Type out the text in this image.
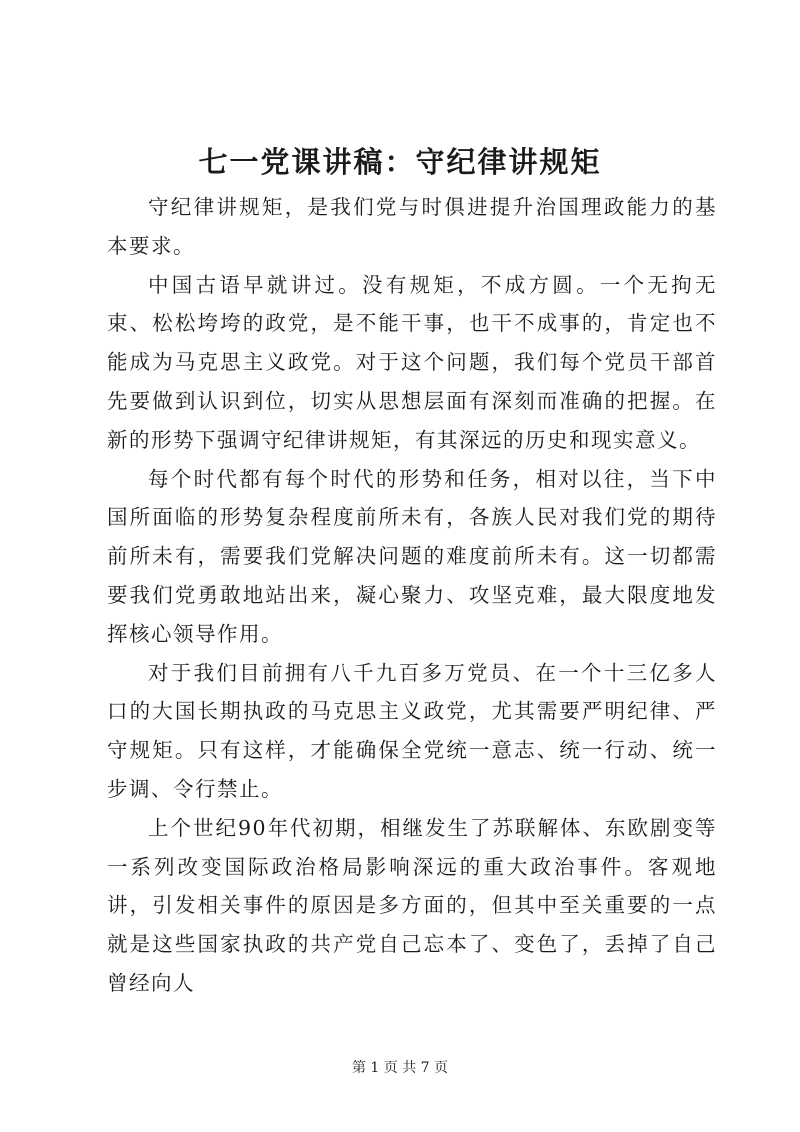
七一党课讲稿：守纪律讲规矩

守纪律讲规矩，是我们党与时俱进提升治国理政能力的基本要求。

中国古语早就讲过。没有规矩，不成方圆。一个无拘无束、松松垮垮的政党，是不能干事，也干不成事的，肯定也不能成为马克思主义政党。对于这个问题，我们每个党员干部首先要做到认识到位，切实从思想层面有深刻而准确的把握。在新的形势下强调守纪律讲规矩，有其深远的历史和现实意义。

每个时代都有每个时代的形势和任务，相对以往，当下中国所面临的形势复杂程度前所未有，各族人民对我们党的期待前所未有，需要我们党解决问题的难度前所未有。这一切都需要我们党勇敢地站出来，凝心聚力、攻坚克难，最大限度地发挥核心领导作用。

对于我们目前拥有八千九百多万党员、在一个十三亿多人口的大国长期执政的马克思主义政党，尤其需要严明纪律、严守规矩。只有这样，才能确保全党统一意志、统一行动、统一步调、令行禁止。

上个世纪90年代初期，相继发生了苏联解体、东欧剧变等一系列改变国际政治格局影响深远的重大政治事件。客观地讲，引发相关事件的原因是多方面的，但其中至关重要的一点就是这些国家执政的共产党自己忘本了、变色了，丢掉了自己曾经向人

第 1 页 共 7 页
